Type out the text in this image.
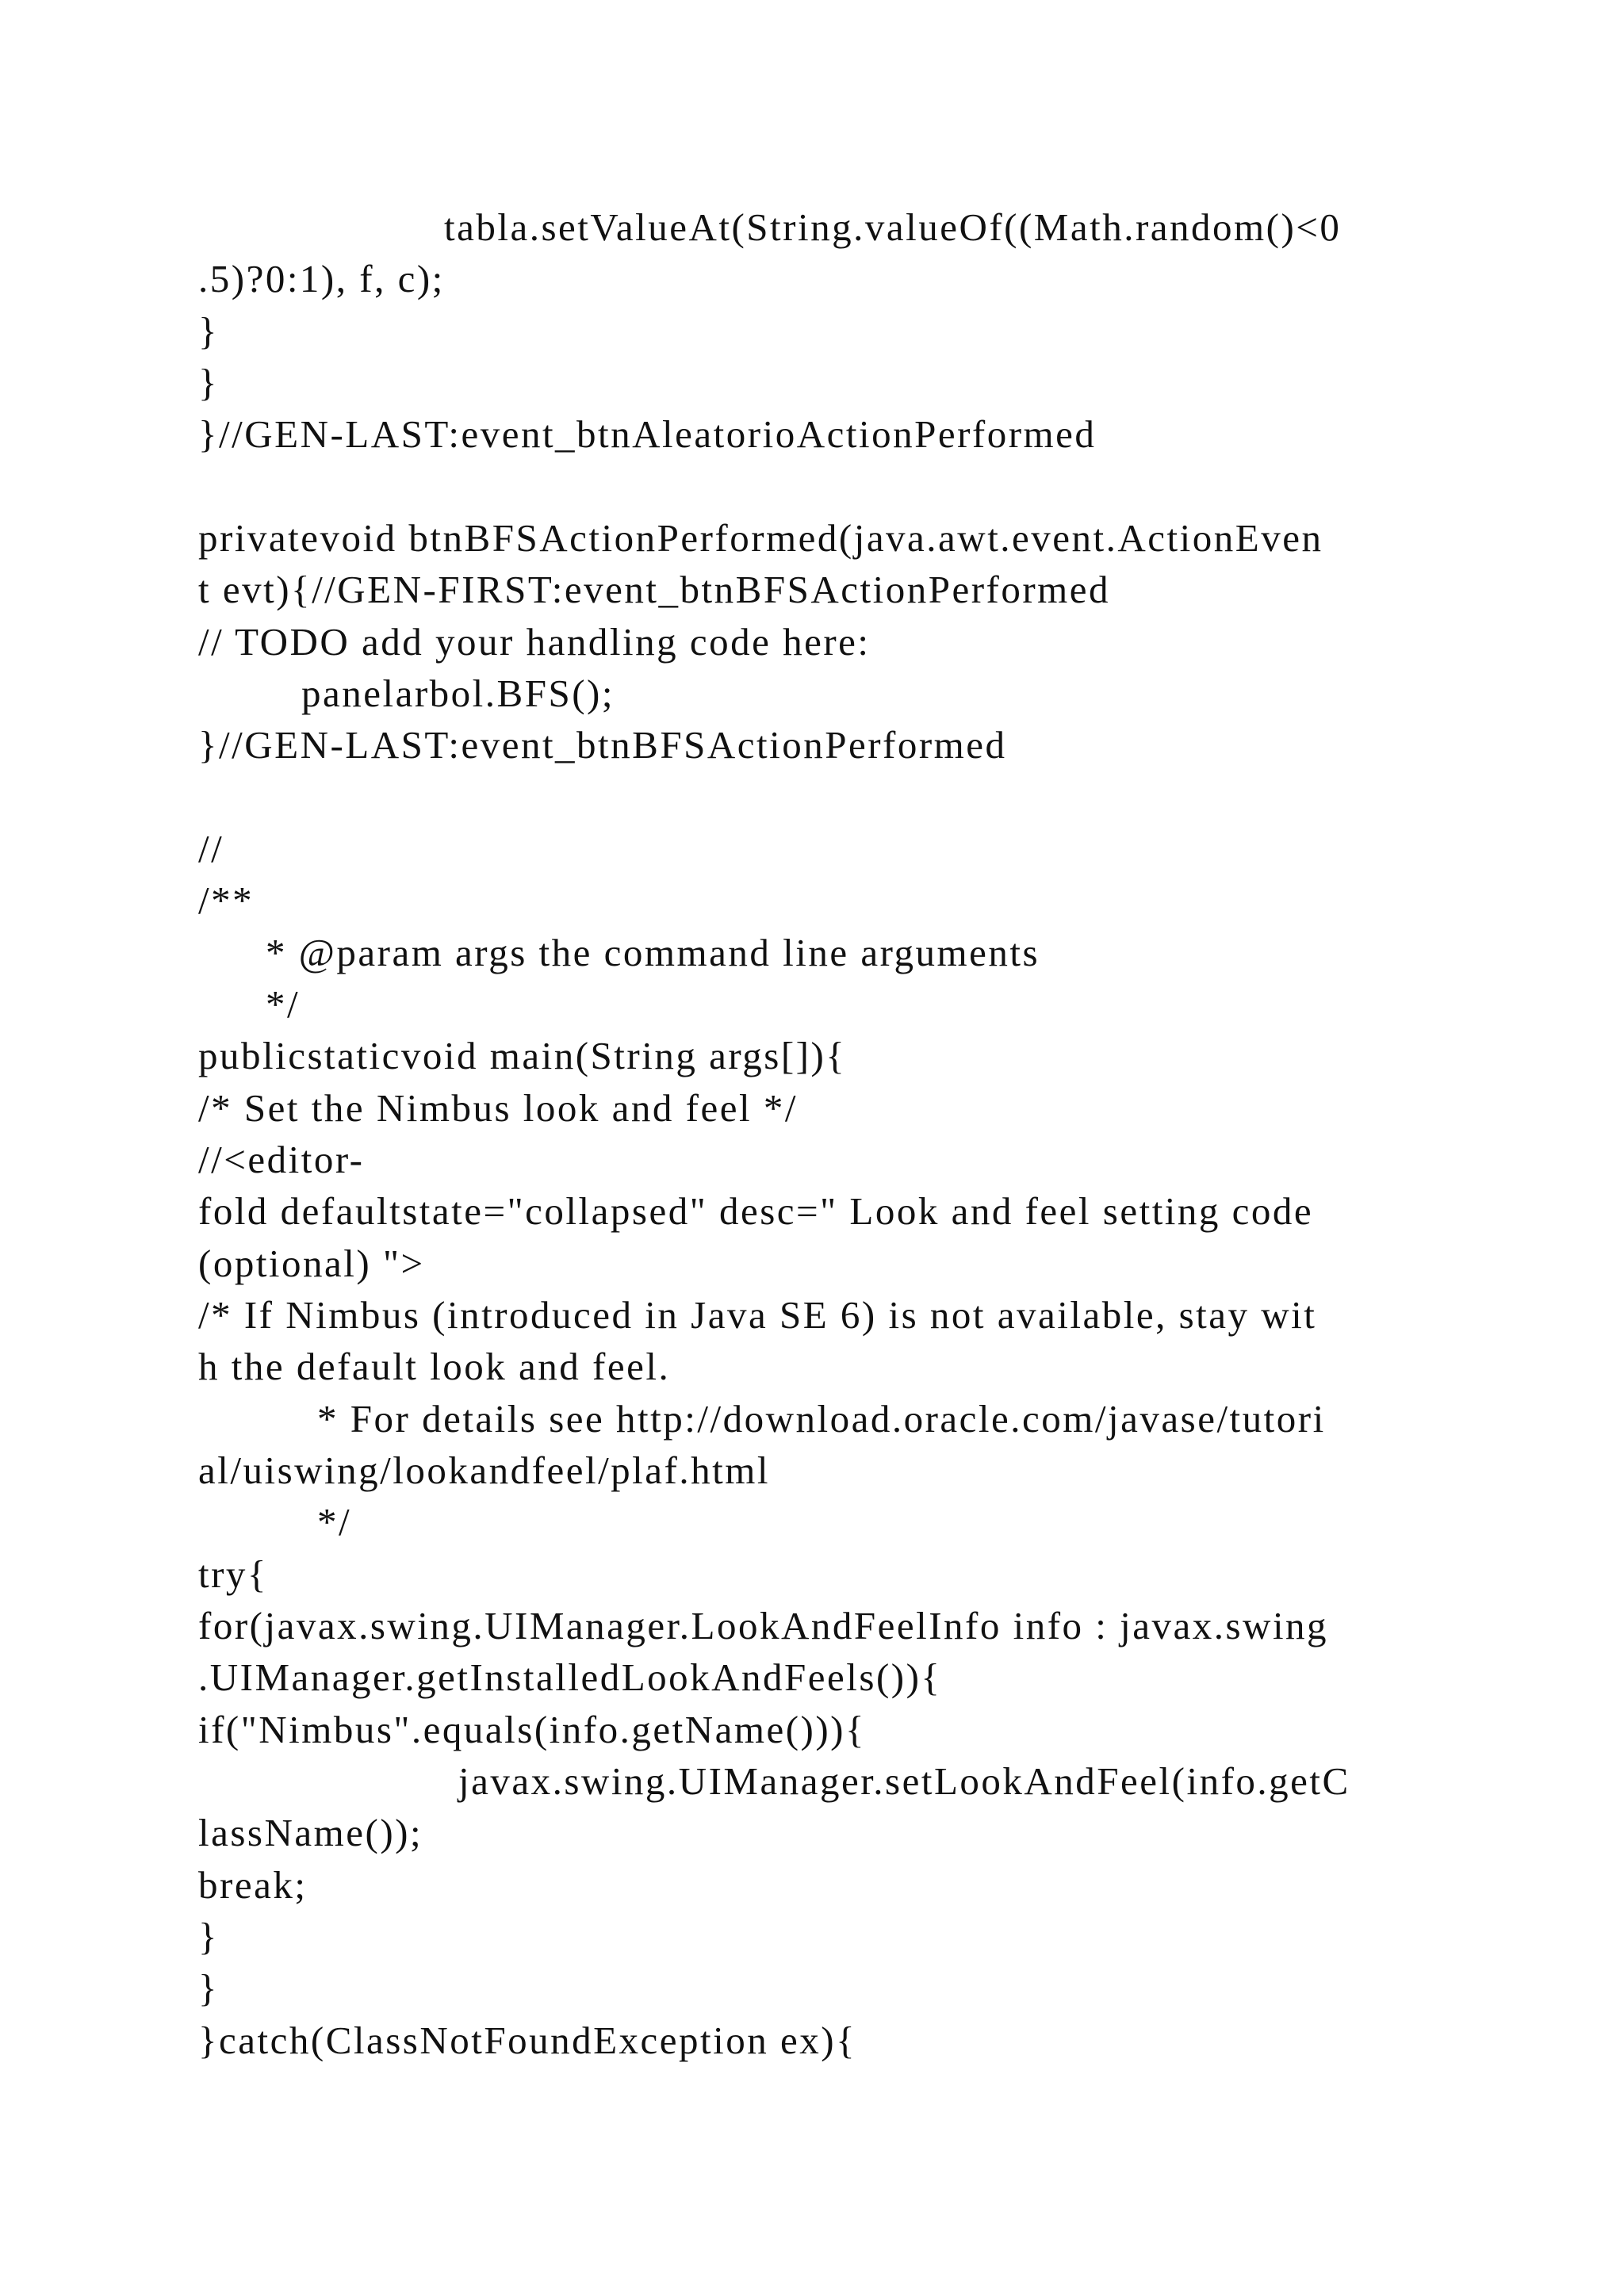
tabla.setValueAt(String.valueOf((Math.random()<0
.5)?0:1), f, c);
}
}
}//GEN-LAST:event_btnAleatorioActionPerformed
privatevoid btnBFSActionPerformed(java.awt.event.ActionEven
t evt){//GEN-FIRST:event_btnBFSActionPerformed
// TODO add your handling code here:
panelarbol.BFS();
}//GEN-LAST:event_btnBFSActionPerformed
//
/**
* @param args the command line arguments
*/
publicstaticvoid main(String args[]){
/* Set the Nimbus look and feel */
//<editor-
fold defaultstate="collapsed" desc=" Look and feel setting code
(optional) ">
/* If Nimbus (introduced in Java SE 6) is not available, stay wit
h the default look and feel.
* For details see http://download.oracle.com/javase/tutori
al/uiswing/lookandfeel/plaf.html
*/
try{
for(javax.swing.UIManager.LookAndFeelInfo info : javax.swing
.UIManager.getInstalledLookAndFeels()){
if("Nimbus".equals(info.getName())){
javax.swing.UIManager.setLookAndFeel(info.getC
lassName());
break;
}
}
}catch(ClassNotFoundException ex){
